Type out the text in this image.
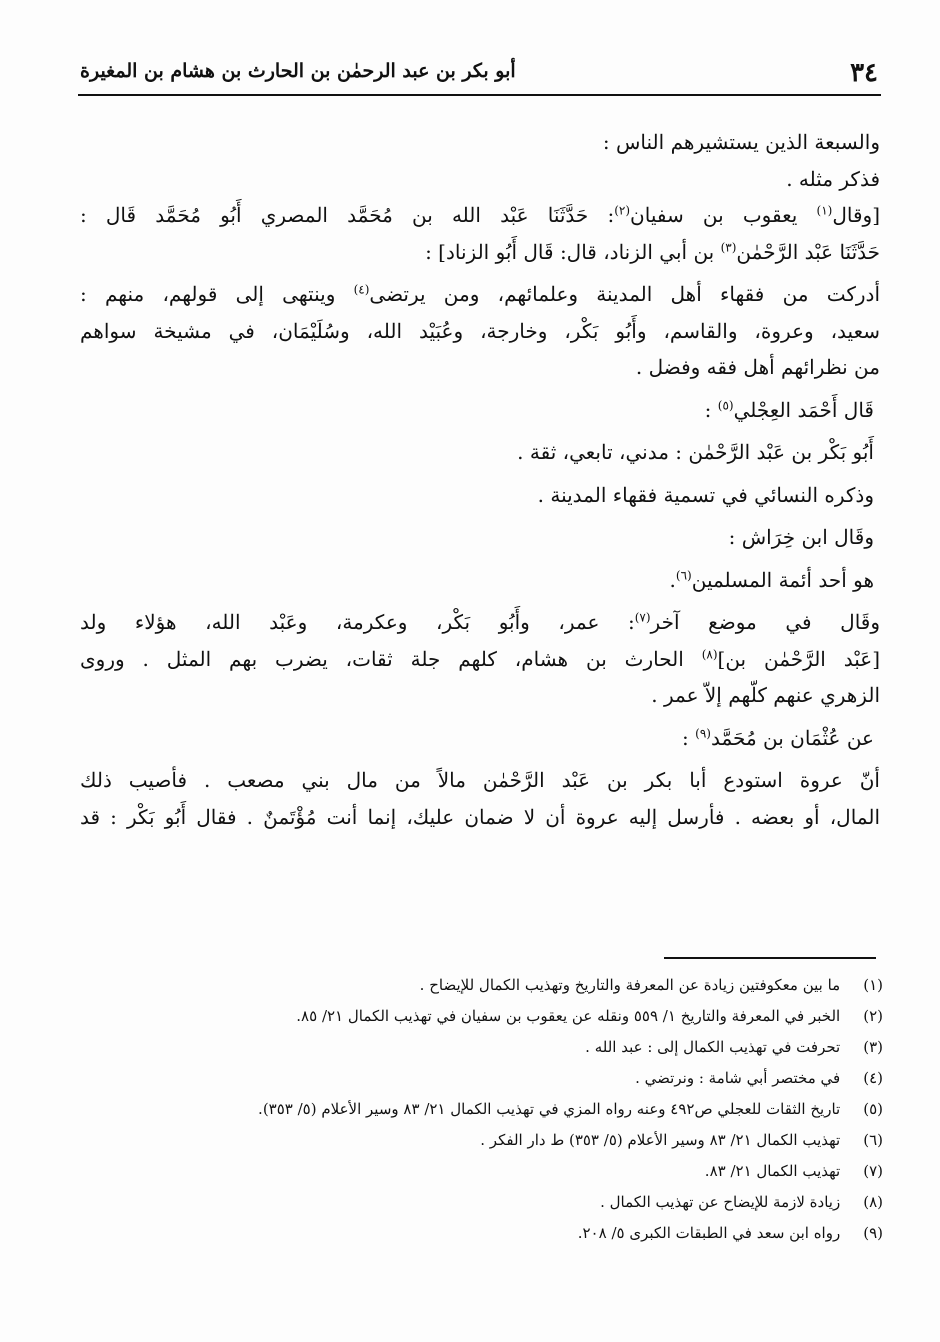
٣٤
أبو بكر بن عبد الرحمٰن بن الحارث بن هشام بن المغيرة
والسبعة الذين يستشيرهم الناس :
فذكر مثله .
[وقال$^{(١)}$ يعقوب بن سفيان$^{(٢)}$: حَدَّثَنَا عَبْد الله بن مُحَمَّد المصري أَبُو مُحَمَّد قَال :
حَدَّثَنَا عَبْد الرَّحْمٰن$^{(٣)}$ بن أبي الزناد، قال: قَال أَبُو الزناد] :
أدركت من فقهاء أهل المدينة وعلمائهم، ومن يرتضى$^{(٤)}$ وينتهى إلى قولهم، منهم :
سعيد، وعروة، والقاسم، وأَبُو بَكْر، وخارجة، وعُبَيْد الله، وسُلَيْمَان، في مشيخة سواهم
من نظرائهم أهل فقه وفضل .
قَال أَحْمَد العِجْلي$^{(٥)}$ :
أَبُو بَكْر بن عَبْد الرَّحْمٰن : مدني، تابعي، ثقة .
وذكره النسائي في تسمية فقهاء المدينة .
وقَال ابن خِرَاش :
هو أحد أئمة المسلمين$^{(٦)}$.
وقَال في موضع آخر$^{(٧)}$: عمر، وأَبُو بَكْر، وعكرمة، وعَبْد الله، هؤلاء ولد
[عَبْد الرَّحْمٰن بن]$^{(٨)}$ الحارث بن هشام، كلهم جلة ثقات، يضرب بهم المثل . وروى
الزهري عنهم كلّهم إلاّ عمر .
عن عُثْمَان بن مُحَمَّد$^{(٩)}$ :
أنّ عروة استودع أبا بكر بن عَبْد الرَّحْمٰن مالاً من مال بني مصعب . فأصيب ذلك
المال، أو بعضه . فأرسل إليه عروة أن لا ضمان عليك، إنما أنت مُؤْتَمنٌ . فقال أَبُو بَكْر : قد
(١) ما بين معكوفتين زيادة عن المعرفة والتاريخ وتهذيب الكمال للإيضاح .
(٢) الخبر في المعرفة والتاريخ ١/ ٥٥٩ ونقله عن يعقوب بن سفيان في تهذيب الكمال ٢١/ ٨٥.
(٣) تحرفت في تهذيب الكمال إلى : عبد الله .
(٤) في مختصر أبي شامة : ونرتضي .
(٥) تاريخ الثقات للعجلي ص٤٩٢ وعنه رواه المزي في تهذيب الكمال ٢١/ ٨٣ وسير الأعلام (٥/ ٣٥٣).
(٦) تهذيب الكمال ٢١/ ٨٣ وسير الأعلام (٥/ ٣٥٣) ط دار الفكر .
(٧) تهذيب الكمال ٢١/ ٨٣.
(٨) زيادة لازمة للإيضاح عن تهذيب الكمال .
(٩) رواه ابن سعد في الطبقات الكبرى ٥/ ٢٠٨.
